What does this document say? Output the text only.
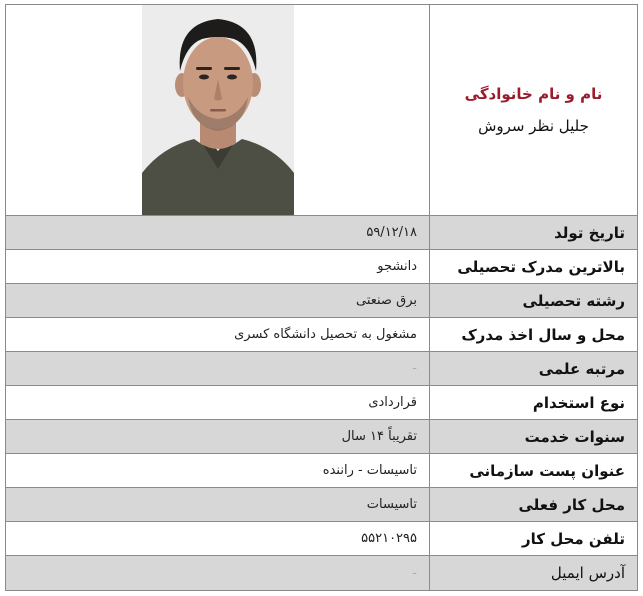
نام و نام خانوادگی
جلیل نظر سروش
تاریخ تولد
۵۹/۱۲/۱۸
بالاترین مدرک تحصیلی
دانشجو
رشته تحصیلی
برق صنعتی
محل و سال اخذ مدرک
مشغول به تحصیل دانشگاه کسری
مرتبه علمی
-
نوع استخدام
قراردادی
سنوات خدمت
تقریباً ۱۴ سال
عنوان پست سازمانی
تاسیسات - راننده
محل کار فعلی
تاسیسات
تلفن محل کار
۵۵۲۱۰۲۹۵
آدرس ایمیل
-
